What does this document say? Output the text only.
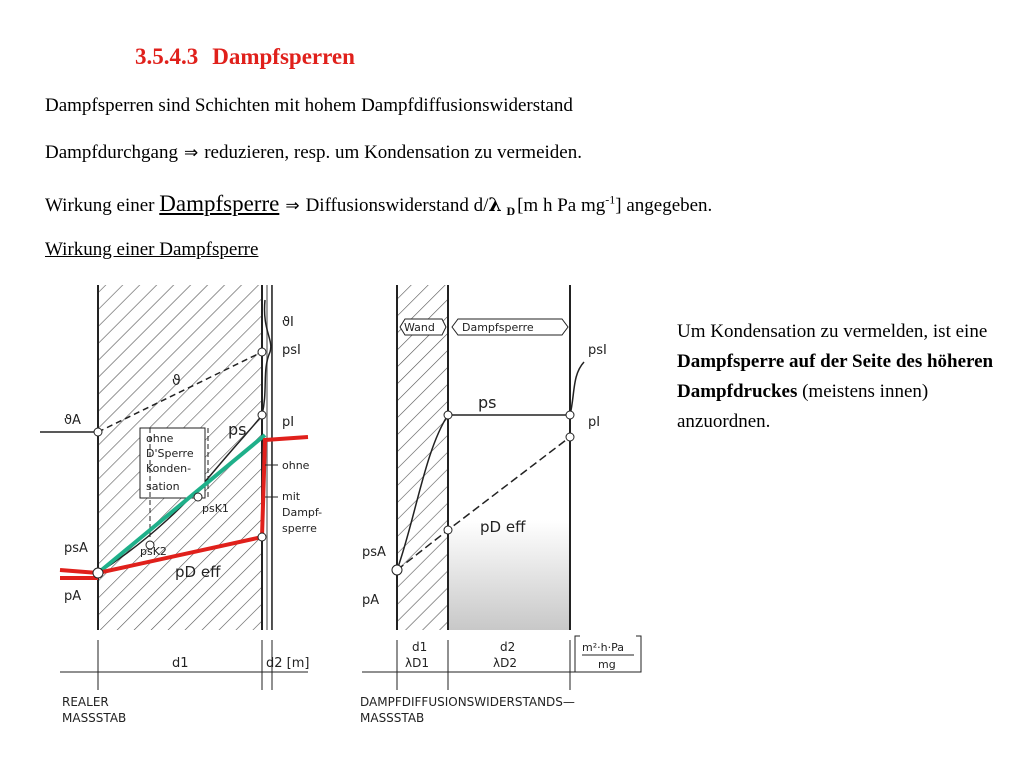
3.5.4.3 Dampfsperren
Dampfsperren sind Schichten mit hohem Dampfdiffusionswiderstand
Dampfdurchgang ⇒ reduzieren, resp. um Kondensation zu vermeiden.
Wirkung einer Dampfsperre ⇒ Diffusionswiderstand d/λ $_D$ [m h Pa $mg^{-1}$] angegeben.
Wirkung einer Dampfsperre
Um Kondensation zu vermelden, ist eine Dampfsperre auf der Seite des höheren Dampfdruckes (meistens innen) anzuordnen.
ϑI
psI
ϑ
ϑA	ps	pI
ohne
D'Sperre
Konden-
sation
ohne
mit
Dampf-
sperre
psK1
psK2
psA
pA
pD eff
d1	d2 [m]
REALER
MASSSTAB
Wand Dampfsperre
psI
ps
pI
pD eff
psA
pA
d1
λD1
d2
λD2
m²·h·Pa
mg
DAMPFDIFFUSIONSWIDERSTANDS—
MASSSTAB
